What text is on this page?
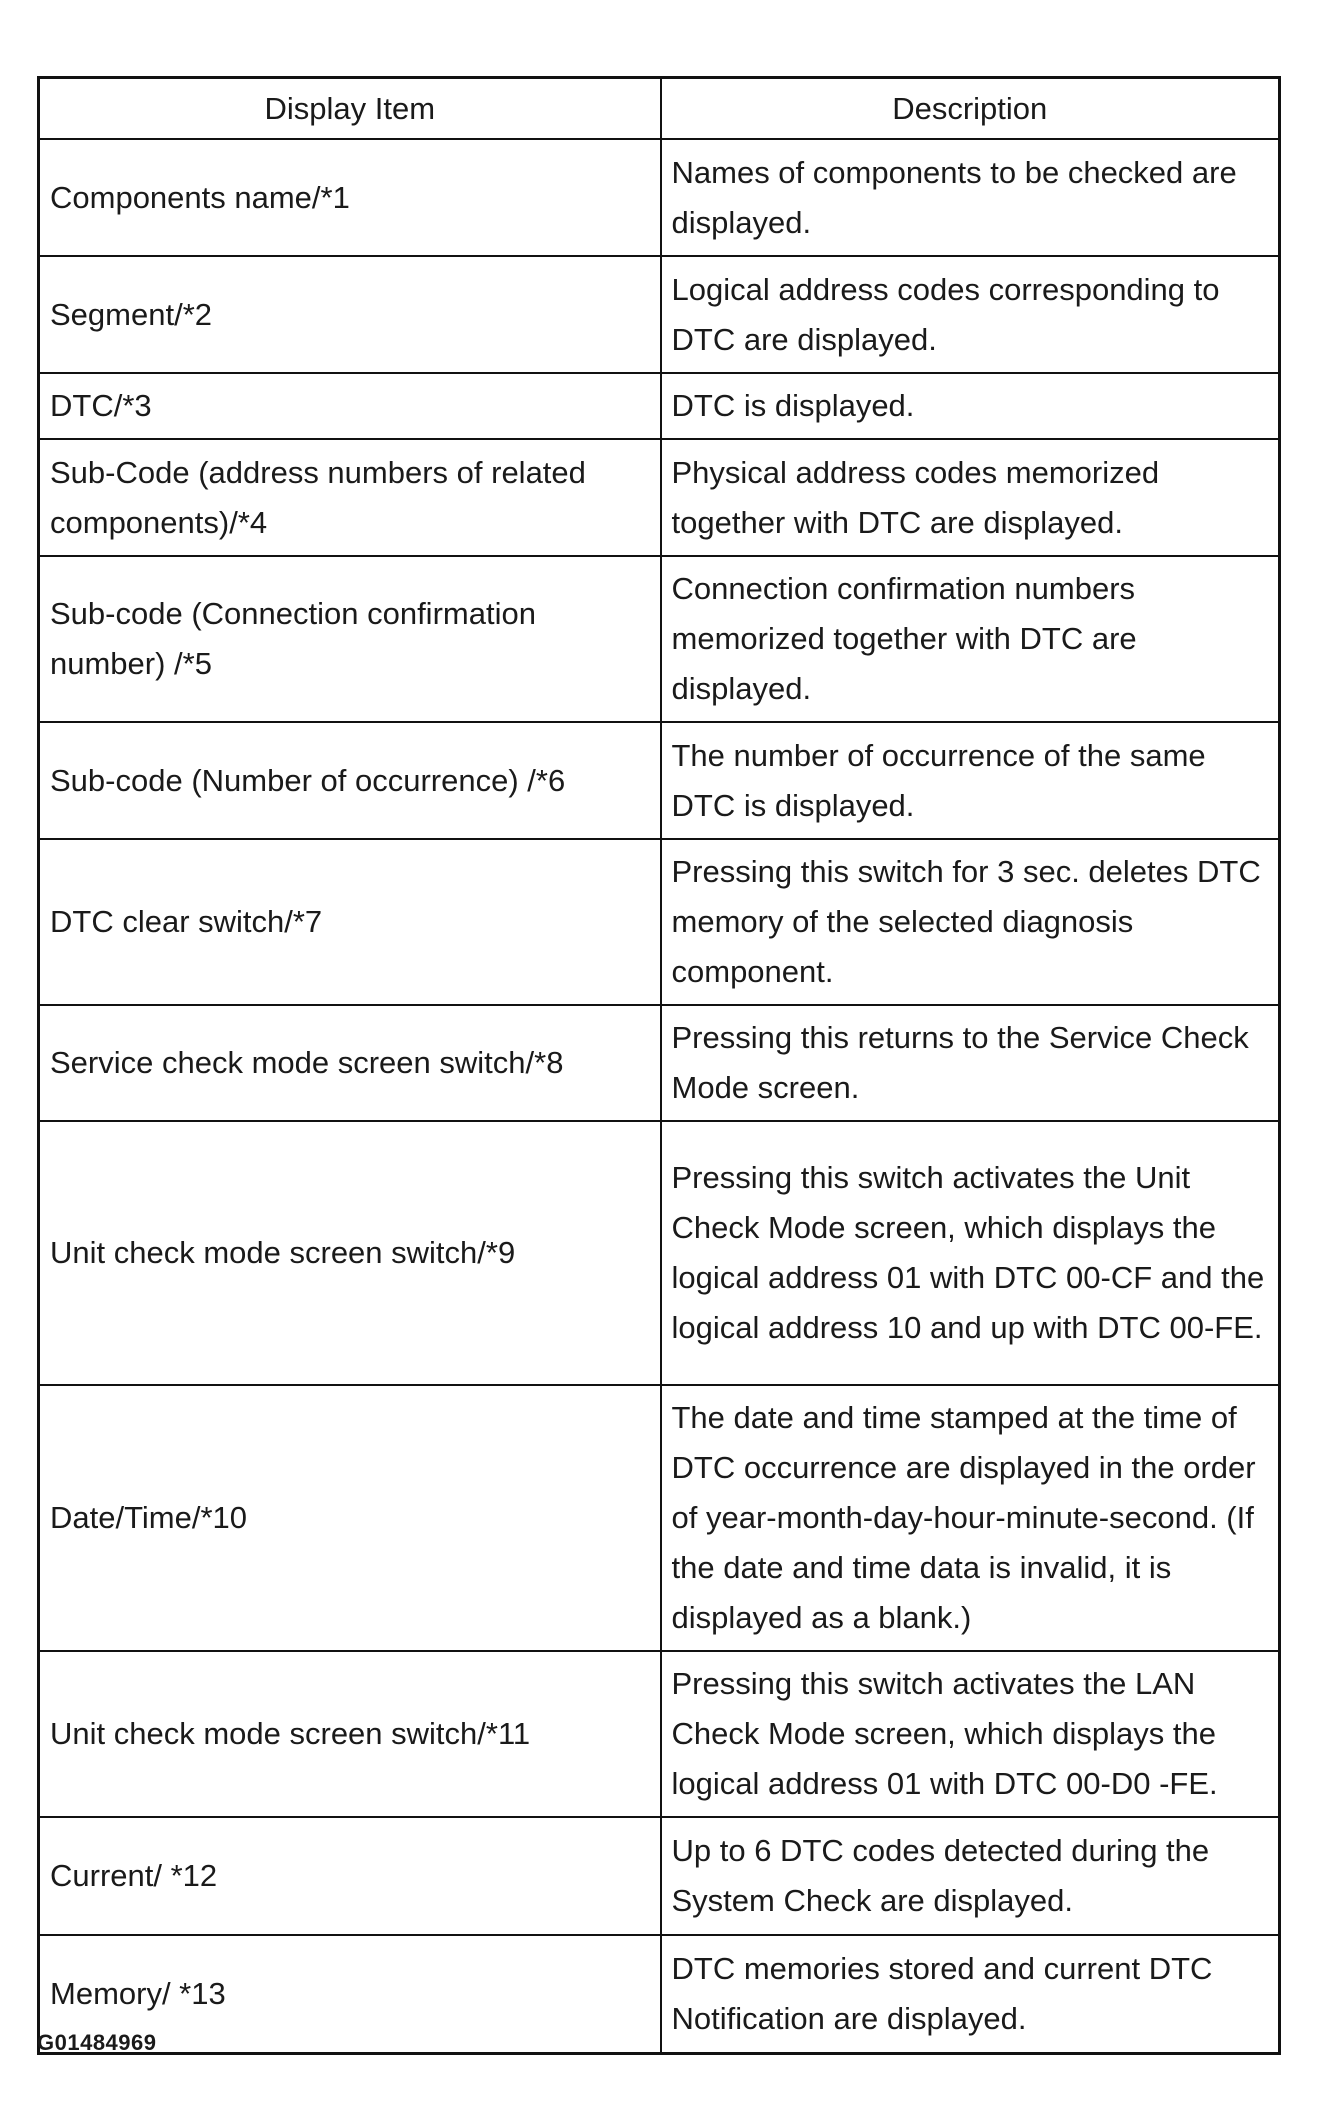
Display Item	Description
Components name/*1	Names of components to be checked are displayed.
Segment/*2	Logical address codes corresponding to DTC are displayed.
DTC/*3	DTC is displayed.
Sub-Code (address numbers of related components)/*4	Physical address codes memorized together with DTC are displayed.
Sub-code (Connection confirmation number) /*5	Connection confirmation numbers memorized together with DTC are displayed.
Sub-code (Number of occurrence) /*6	The number of occurrence of the same DTC is displayed.
DTC clear switch/*7	Pressing this switch for 3 sec. deletes DTC memory of the selected diagnosis component.
Service check mode screen switch/*8	Pressing this returns to the Service Check Mode screen.
Unit check mode screen switch/*9	Pressing this switch activates the Unit Check Mode screen, which displays the logical address 01 with DTC 00-CF and the logical address 10 and up with DTC 00-FE.
Date/Time/*10	The date and time stamped at the time of DTC occurrence are displayed in the order of year-month-day-hour-minute-second. (If the date and time data is invalid, it is displayed as a blank.)
Unit check mode screen switch/*11	Pressing this switch activates the LAN Check Mode screen, which displays the logical address 01 with DTC 00-D0 -FE.
Current/ *12	Up to 6 DTC codes detected during the System Check are displayed.
Memory/ *13	DTC memories stored and current DTC Notification are displayed.
G01484969
